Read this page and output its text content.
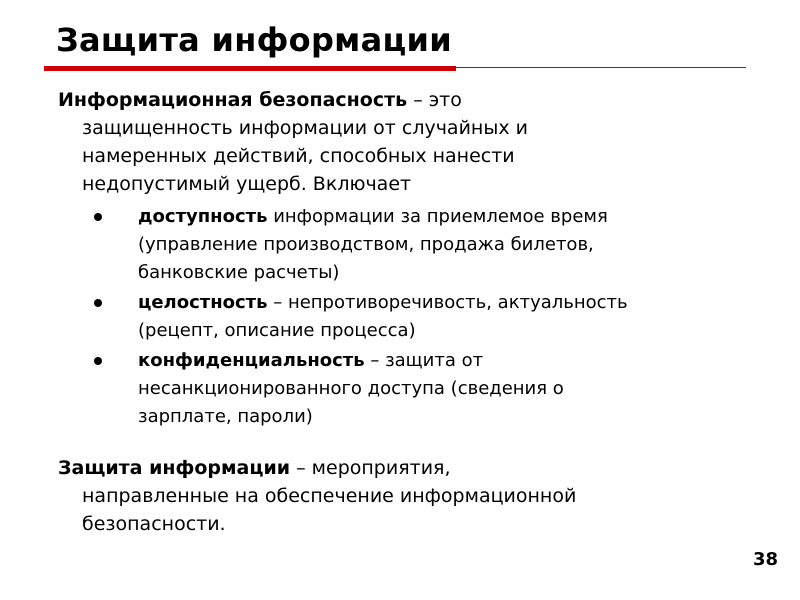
Защита информации

Информационная безопасность – это
защищенность информации от случайных и
намеренных действий, способных нанести
недопустимый ущерб. Включает

доступность информации за приемлемое время
(управление производством, продажа билетов,
банковские расчеты)
целостность – непротиворечивость, актуальность
(рецепт, описание процесса)
конфиденциальность – защита от
несанкционированного доступа (сведения о
зарплате, пароли)

Защита информации – мероприятия,
направленные на обеспечение информационной
безопасности.

38
